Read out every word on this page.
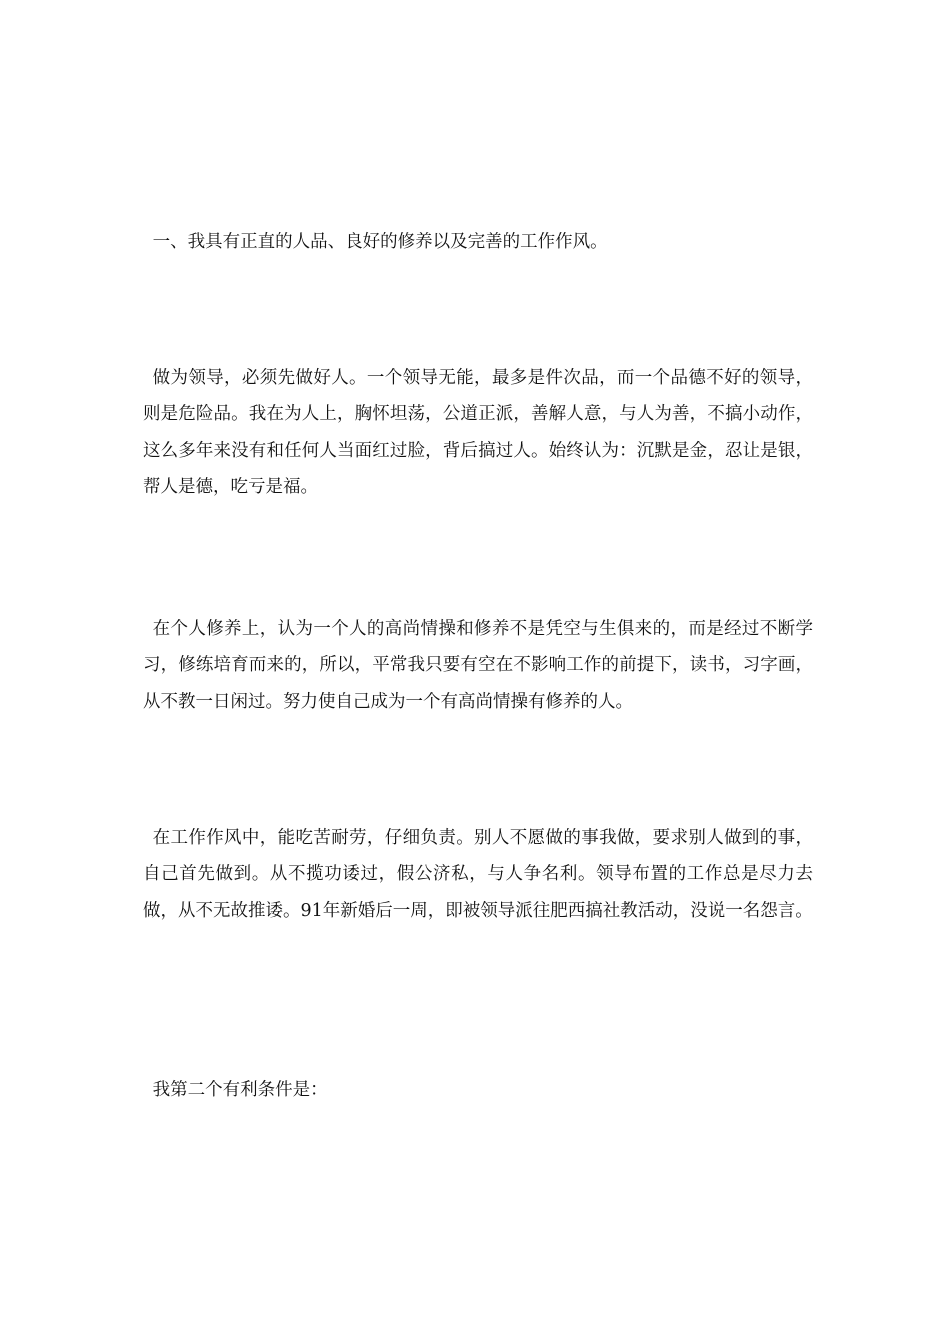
一、我具有正直的人品、良好的修养以及完善的工作作风。

做为领导，必须先做好人。一个领导无能，最多是件次品，而一个品德不好的领导，则是危险品。我在为人上，胸怀坦荡，公道正派，善解人意，与人为善，不搞小动作，这么多年来没有和任何人当面红过脸，背后搞过人。始终认为：沉默是金，忍让是银，帮人是德，吃亏是福。

在个人修养上，认为一个人的高尚情操和修养不是凭空与生俱来的，而是经过不断学习，修练培育而来的，所以，平常我只要有空在不影响工作的前提下，读书，习字画，从不教一日闲过。努力使自己成为一个有高尚情操有修养的人。

在工作作风中，能吃苦耐劳，仔细负责。别人不愿做的事我做，要求别人做到的事，自己首先做到。从不揽功诿过，假公济私，与人争名利。领导布置的工作总是尽力去做，从不无故推诿。91年新婚后一周，即被领导派往肥西搞社教活动，没说一名怨言。

我第二个有利条件是：
